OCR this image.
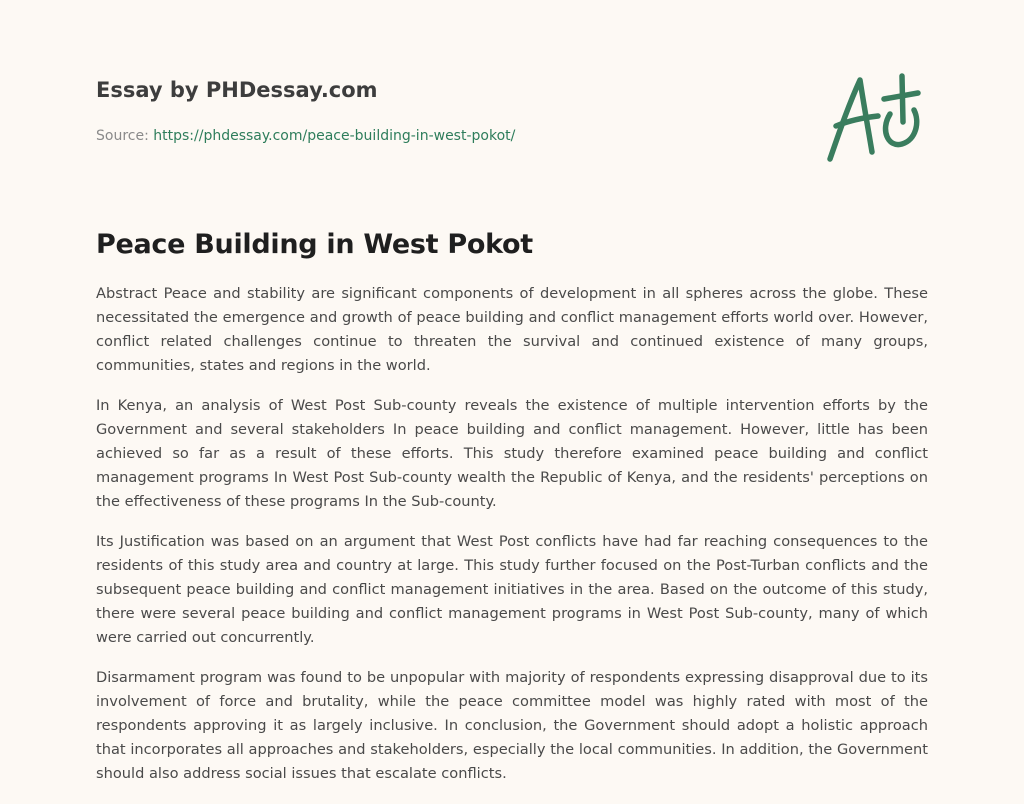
Essay by PHDessay.com
Source: https://phdessay.com/peace-building-in-west-pokot/
Peace Building in West Pokot

Abstract Peace and stability are significant components of development in all spheres across the globe. These necessitated the emergence and growth of peace building and conflict management efforts world over. However, conflict related challenges continue to threaten the survival and continued existence of many groups, communities, states and regions in the world.

In Kenya, an analysis of West Post Sub-county reveals the existence of multiple intervention efforts by the Government and several stakeholders In peace building and conflict management. However, little has been achieved so far as a result of these efforts. This study therefore examined peace building and conflict management programs In West Post Sub-county wealth the Republic of Kenya, and the residents' perceptions on the effectiveness of these programs In the Sub-county.

Its Justification was based on an argument that West Post conflicts have had far reaching consequences to the residents of this study area and country at large. This study further focused on the Post-Turban conflicts and the subsequent peace building and conflict management initiatives in the area. Based on the outcome of this study, there were several peace building and conflict management programs in West Post Sub-county, many of which were carried out concurrently.

Disarmament program was found to be unpopular with majority of respondents expressing disapproval due to its involvement of force and brutality, while the peace committee model was highly rated with most of the respondents approving it as largely inclusive. In conclusion, the Government should adopt a holistic approach that incorporates all approaches and stakeholders, especially the local communities. In addition, the Government should also address social issues that escalate conflicts.
